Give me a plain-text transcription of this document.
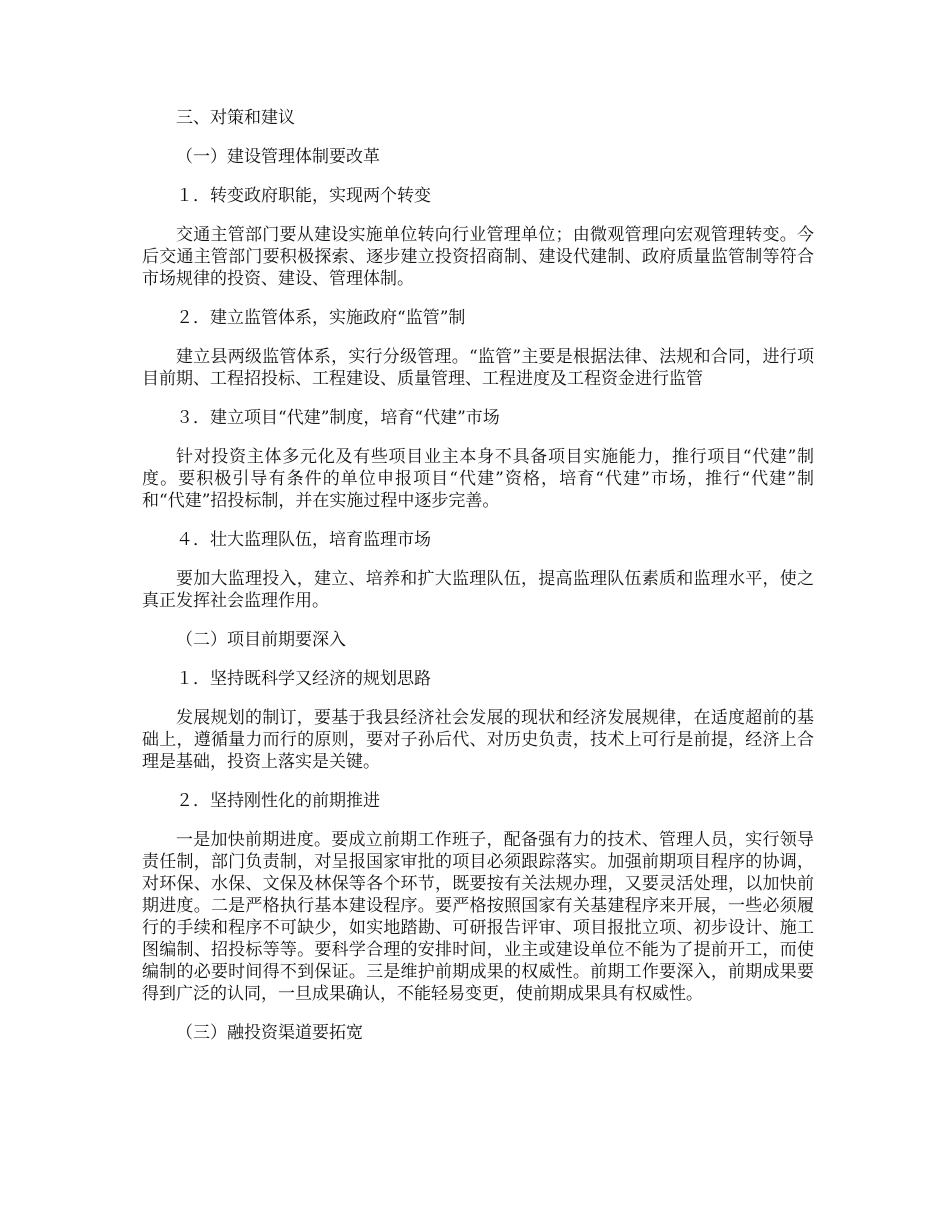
三、对策和建议

（一）建设管理体制要改革

１．转变政府职能，实现两个转变

交通主管部门要从建设实施单位转向行业管理单位；由微观管理向宏观管理转变。今后交通主管部门要积极探索、逐步建立投资招商制、建设代建制、政府质量监管制等符合市场规律的投资、建设、管理体制。

２．建立监管体系，实施政府“监管”制

建立县两级监管体系，实行分级管理。“监管”主要是根据法律、法规和合同，进行项目前期、工程招投标、工程建设、质量管理、工程进度及工程资金进行监管

３．建立项目“代建”制度，培育“代建”市场

针对投资主体多元化及有些项目业主本身不具备项目实施能力，推行项目“代建”制度。要积极引导有条件的单位申报项目“代建”资格，培育“代建”市场，推行“代建”制和“代建”招投标制，并在实施过程中逐步完善。

４．壮大监理队伍，培育监理市场

要加大监理投入，建立、培养和扩大监理队伍，提高监理队伍素质和监理水平，使之真正发挥社会监理作用。

（二）项目前期要深入

１．坚持既科学又经济的规划思路

发展规划的制订，要基于我县经济社会发展的现状和经济发展规律，在适度超前的基础上，遵循量力而行的原则，要对子孙后代、对历史负责，技术上可行是前提，经济上合理是基础，投资上落实是关键。

２．坚持刚性化的前期推进

一是加快前期进度。要成立前期工作班子，配备强有力的技术、管理人员，实行领导责任制，部门负责制，对呈报国家审批的项目必须跟踪落实。加强前期项目程序的协调，对环保、水保、文保及林保等各个环节，既要按有关法规办理，又要灵活处理，以加快前期进度。二是严格执行基本建设程序。要严格按照国家有关基建程序来开展，一些必须履行的手续和程序不可缺少，如实地踏勘、可研报告评审、项目报批立项、初步设计、施工图编制、招投标等等。要科学合理的安排时间，业主或建设单位不能为了提前开工，而使编制的必要时间得不到保证。三是维护前期成果的权威性。前期工作要深入，前期成果要得到广泛的认同，一旦成果确认，不能轻易变更，使前期成果具有权威性。

（三）融投资渠道要拓宽
